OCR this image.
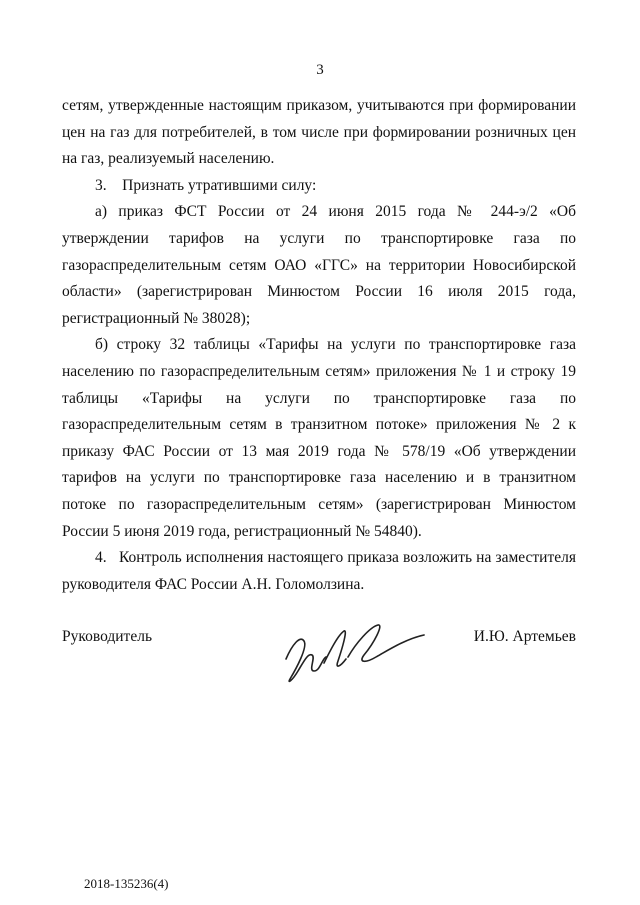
3

сетям, утвержденные настоящим приказом, учитываются при формировании цен на газ для потребителей, в том числе при формировании розничных цен на газ, реализуемый населению.

3.    Признать утратившими силу:

а) приказ ФСТ России от 24 июня 2015 года № 244-э/2 «Об утверждении тарифов на услуги по транспортировке газа по газораспределительным сетям ОАО «ГГС» на территории Новосибирской области» (зарегистрирован Минюстом России 16 июля 2015 года, регистрационный № 38028);

б) строку 32 таблицы «Тарифы на услуги по транспортировке газа населению по газораспределительным сетям» приложения № 1 и строку 19 таблицы «Тарифы на услуги по транспортировке газа по газораспределительным сетям в транзитном потоке» приложения № 2 к приказу ФАС России от 13 мая 2019 года № 578/19 «Об утверждении тарифов на услуги по транспортировке газа населению и в транзитном потоке по газораспределительным сетям» (зарегистрирован Минюстом России 5 июня 2019 года, регистрационный № 54840).

4.   Контроль исполнения настоящего приказа возложить на заместителя руководителя ФАС России А.Н. Голомолзина.

Руководитель	И.Ю. Артемьев
2018-135236(4)
